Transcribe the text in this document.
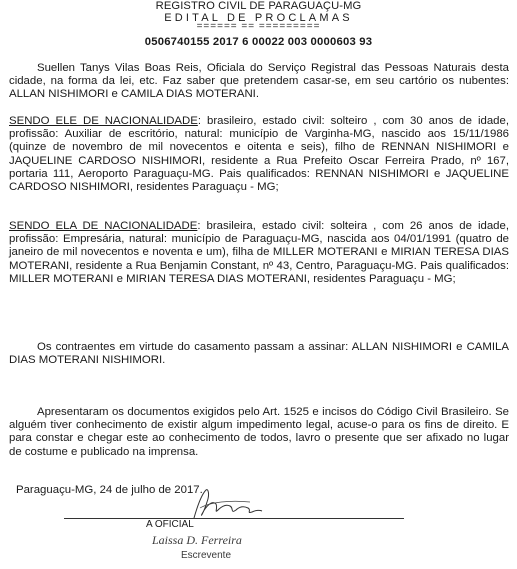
REGISTRO CIVIL DE PARAGUAÇU-MG
EDITAL DE PROCLAMAS
====== == =========
0506740155 2017 6 00022 003 0000603 93

Suellen Tanys Vilas Boas Reis, Oficiala do Serviço Registral das Pessoas Naturais desta cidade, na forma da lei, etc. Faz saber que pretendem casar-se, em seu cartório os nubentes: ALLAN NISHIMORI e CAMILA DIAS MOTERANI.

SENDO ELE DE NACIONALIDADE: brasileiro, estado civil: solteiro , com 30 anos de idade, profissão: Auxiliar de escritório, natural: município de Varginha-MG, nascido aos 15/11/1986 (quinze de novembro de mil novecentos e oitenta e seis), filho de RENNAN NISHIMORI e JAQUELINE CARDOSO NISHIMORI, residente a Rua Prefeito Oscar Ferreira Prado, nº 167, portaria 111, Aeroporto Paraguaçu-MG. Pais qualificados: RENNAN NISHIMORI e JAQUELINE CARDOSO NISHIMORI, residentes Paraguaçu - MG;

SENDO ELA DE NACIONALIDADE: brasileira, estado civil: solteira , com 26 anos de idade, profissão: Empresária, natural: município de Paraguaçu-MG, nascida aos 04/01/1991 (quatro de janeiro de mil novecentos e noventa e um), filha de MILLER MOTERANI e MIRIAN TERESA DIAS MOTERANI, residente a Rua Benjamin Constant, nº 43, Centro, Paraguaçu-MG. Pais qualificados: MILLER MOTERANI e MIRIAN TERESA DIAS MOTERANI, residentes Paraguaçu - MG;

Os contraentes em virtude do casamento passam a assinar: ALLAN NISHIMORI e CAMILA DIAS MOTERANI NISHIMORI.

Apresentaram os documentos exigidos pelo Art. 1525 e incisos do Código Civil Brasileiro. Se alguém tiver conhecimento de existir algum impedimento legal, acuse-o para os fins de direito. E para constar e chegar este ao conhecimento de todos, lavro o presente que ser afixado no lugar de costume e publicado na imprensa.

Paraguaçu-MG, 24 de julho de 2017.

A OFICIAL

Laissa D. Ferreira

Escrevente
